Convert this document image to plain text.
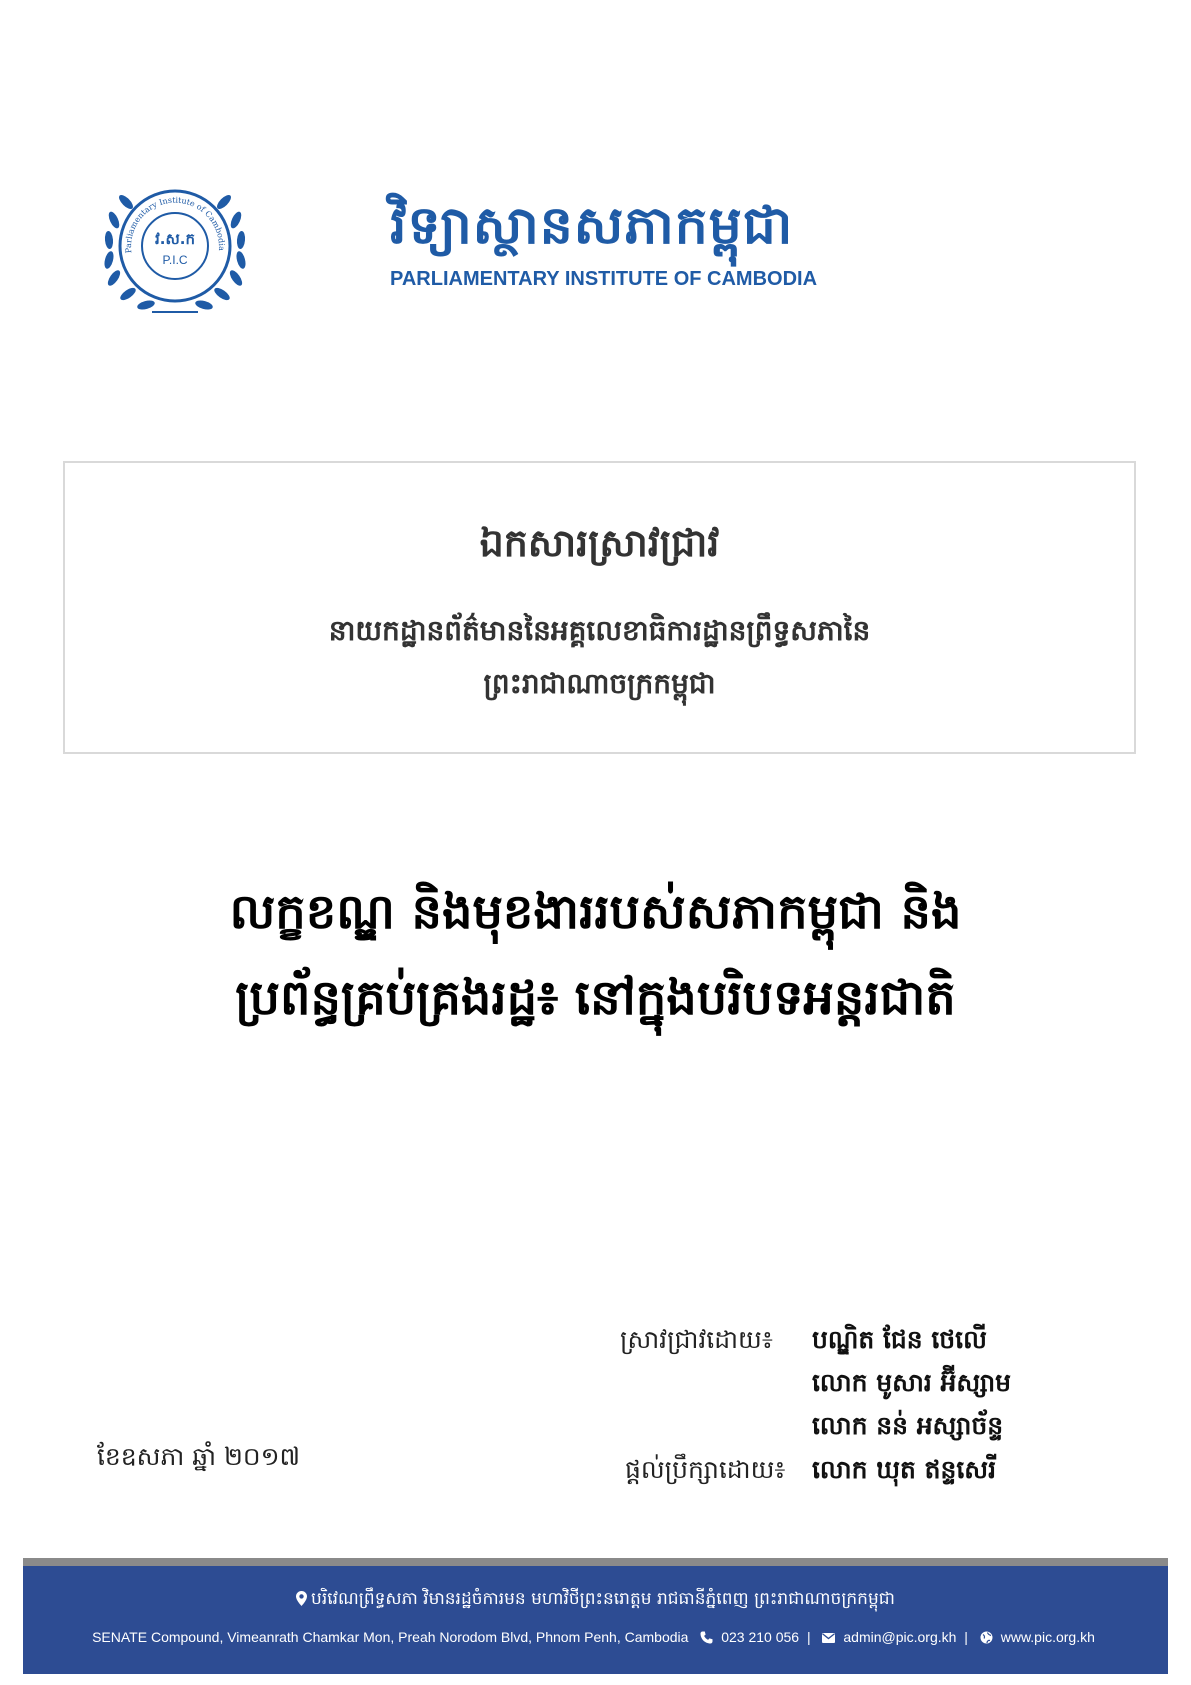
Parliamentary Institute of Cambodia
វ.ស.ក
P.I.C
វិទ្យាស្ថានសភាកម្ពុជា
PARLIAMENTARY INSTITUTE OF CAMBODIA
ឯកសារស្រាវជ្រាវ
នាយកដ្ឋានព័ត៌មាននៃអគ្គលេខាធិការដ្ឋានព្រឹទ្ធសភានៃ
ព្រះរាជាណាចក្រកម្ពុជា
លក្ខខណ្ឌ និងមុខងាររបស់សភាកម្ពុជា និង
ប្រព័ន្ធគ្រប់គ្រងរដ្ឋ៖ នៅក្នុងបរិបទអន្តរជាតិ
ស្រាវជ្រាវដោយ៖ បណ្ឌិត ជែន ថេលើ
លោក មូសារ អ៊ីស្សាម
លោក នន់ អស្សាច័ន្ទ
ផ្តល់ប្រឹក្សាដោយ៖ លោក ឃុត ឥន្ទសេរី
ខែឧសភា ឆ្នាំ ២០១៧
បរិវេណព្រឹទ្ធសភា វិមានរដ្ឋចំការមន មហាវិថីព្រះនរោត្តម រាជធានីភ្នំពេញ ព្រះរាជាណាចក្រកម្ពុជា
SENATE Compound, Vimeanrath Chamkar Mon, Preah Norodom Blvd, Phnom Penh, Cambodia 023 210 056 |  admin@pic.org.kh |  www.pic.org.kh
